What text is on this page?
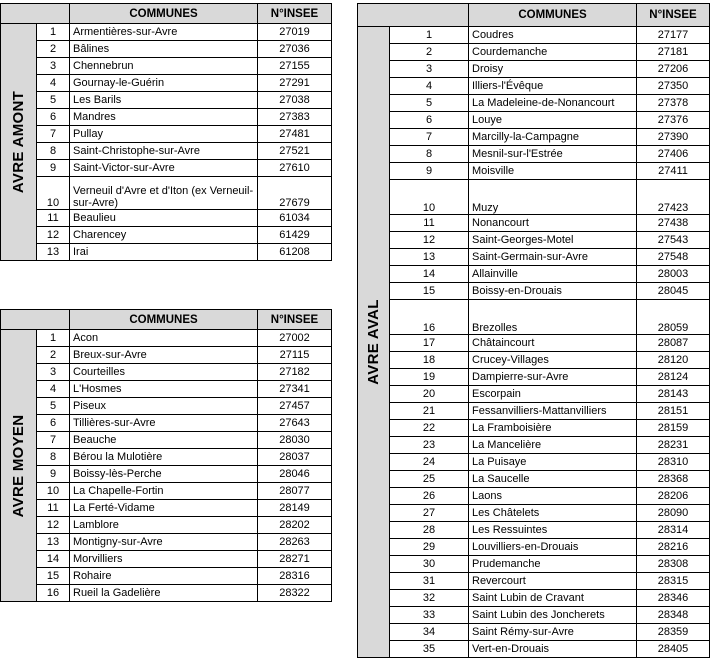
		COMMUNES	N°INSEE

AVRE AMONT	1	Armentières-sur-Avre	27019
	2	Bâlines	27036
	3	Chennebrun	27155
	4	Gournay-le-Guérin	27291
	5	Les Barils	27038
	6	Mandres	27383
	7	Pullay	27481
	8	Saint-Christophe-sur-Avre	27521
	9	Saint-Victor-sur-Avre	27610
	10	Verneuil d'Avre et d'Iton (ex Verneuil-sur-Avre)	27679
	11	Beaulieu	61034
	12	Charencey	61429
	13	Irai	61208
		COMMUNES	N°INSEE

AVRE MOYEN	1	Acon	27002
	2	Breux-sur-Avre	27115
	3	Courteilles	27182
	4	L'Hosmes	27341
	5	Piseux	27457
	6	Tillières-sur-Avre	27643
	7	Beauche	28030
	8	Bérou la Mulotière	28037
	9	Boissy-lès-Perche	28046
	10	La Chapelle-Fortin	28077
	11	La Ferté-Vidame	28149
	12	Lamblore	28202
	13	Montigny-sur-Avre	28263
	14	Morvilliers	28271
	15	Rohaire	28316
	16	Rueil la Gadelière	28322
		COMMUNES	N°INSEE

AVRE AVAL	1	Coudres	27177
	2	Courdemanche	27181
	3	Droisy	27206
	4	Illiers-l'Évêque	27350
	5	La Madeleine-de-Nonancourt	27378
	6	Louye	27376
	7	Marcilly-la-Campagne	27390
	8	Mesnil-sur-l'Estrée	27406
	9	Moisville	27411
	10	Muzy	27423
	11	Nonancourt	27438
	12	Saint-Georges-Motel	27543
	13	Saint-Germain-sur-Avre	27548
	14	Allainville	28003
	15	Boissy-en-Drouais	28045
	16	Brezolles	28059
	17	Châtaincourt	28087
	18	Crucey-Villages	28120
	19	Dampierre-sur-Avre	28124
	20	Escorpain	28143
	21	Fessanvilliers-Mattanvilliers	28151
	22	La Framboisière	28159
	23	La Mancelière	28231
	24	La Puisaye	28310
	25	La Saucelle	28368
	26	Laons	28206
	27	Les Châtelets	28090
	28	Les Ressuintes	28314
	29	Louvilliers-en-Drouais	28216
	30	Prudemanche	28308
	31	Revercourt	28315
	32	Saint Lubin de Cravant	28346
	33	Saint Lubin des Joncherets	28348
	34	Saint Rémy-sur-Avre	28359
	35	Vert-en-Drouais	28405
